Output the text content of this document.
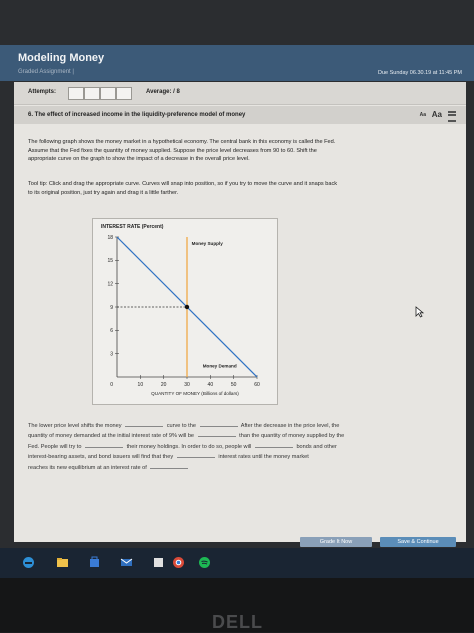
Modeling Money
Graded Assignment |	Due Sunday 06.30.19 at 11:45 PM
Attempts:	Average: / 8
6. The effect of increased income in the liquidity-preference model of money	Aa Aa
The following graph shows the money market in a hypothetical economy. The central bank in this economy is called the Fed.
Assume that the Fed fixes the quantity of money supplied. Suppose the price level decreases from 90 to 60. Shift the
appropriate curve on the graph to show the impact of a decrease in the overall price level.
Tool tip: Click and drag the appropriate curve. Curves will snap into position, so if you try to move the curve and it snaps back
to its original position, just try again and drag it a little farther.
INTEREST RATE (Percent)
18
15
12
9
6
3
0	10	20	30	40	50	60
QUANTITY OF MONEY (Billions of dollars)
Money Supply
Money Demand
The lower price level shifts the money	curve to the	After the decrease in the price level, the
quantity of money demanded at the initial interest rate of 9% will be	than the quantity of money supplied by the
Fed. People will try to	their money holdings. In order to do so, people will	bonds and other
interest-bearing assets, and bond issuers will find that they	interest rates until the money market
reaches its new equilibrium at an interest rate of
Grade It Now	Save & Continue
DELL
